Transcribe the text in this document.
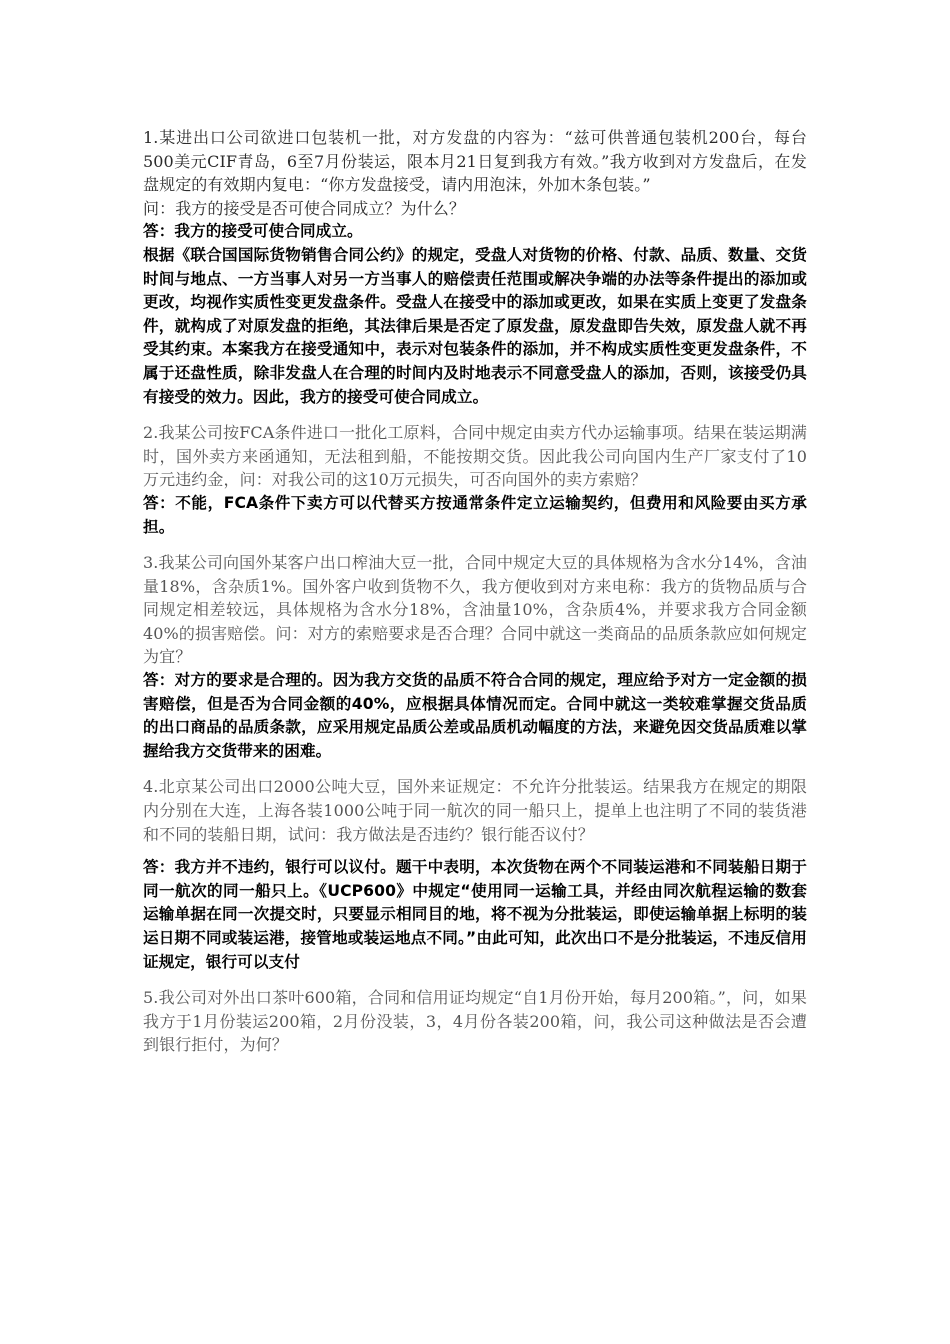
1.某进出口公司欲进口包装机一批，对方发盘的内容为：“兹可供普通包装机200台，每台500美元CIF青岛，6至7月份装运，限本月21日复到我方有效。”我方收到对方发盘后，在发盘规定的有效期内复电：“你方发盘接受，请内用泡沫，外加木条包装。”

问：我方的接受是否可使合同成立？为什么？

答：我方的接受可使合同成立。

根据《联合国国际货物销售合同公约》的规定，受盘人对货物的价格、付款、品质、数量、交货时间与地点、一方当事人对另一方当事人的赔偿责任范围或解决争端的办法等条件提出的添加或更改，均视作实质性变更发盘条件。受盘人在接受中的添加或更改，如果在实质上变更了发盘条件，就构成了对原发盘的拒绝，其法律后果是否定了原发盘，原发盘即告失效，原发盘人就不再受其约束。本案我方在接受通知中，表示对包装条件的添加，并不构成实质性变更发盘条件，不属于还盘性质，除非发盘人在合理的时间内及时地表示不同意受盘人的添加，否则，该接受仍具有接受的效力。因此，我方的接受可使合同成立。

2.我某公司按FCA条件进口一批化工原料，合同中规定由卖方代办运输事项。结果在装运期满时，国外卖方来函通知，无法租到船，不能按期交货。因此我公司向国内生产厂家支付了10万元违约金，问：对我公司的这10万元损失，可否向国外的卖方索赔？

答：不能，FCA条件下卖方可以代替买方按通常条件定立运输契约，但费用和风险要由买方承担。

3.我某公司向国外某客户出口榨油大豆一批，合同中规定大豆的具体规格为含水分14%，含油量18%，含杂质1%。国外客户收到货物不久，我方便收到对方来电称：我方的货物品质与合同规定相差较远，具体规格为含水分18%，含油量10%，含杂质4%，并要求我方合同金额40%的损害赔偿。问：对方的索赔要求是否合理？合同中就这一类商品的品质条款应如何规定为宜？

答：对方的要求是合理的。因为我方交货的品质不符合合同的规定，理应给予对方一定金额的损害赔偿，但是否为合同金额的40%，应根据具体情况而定。合同中就这一类较难掌握交货品质的出口商品的品质条款，应采用规定品质公差或品质机动幅度的方法，来避免因交货品质难以掌握给我方交货带来的困难。

4.北京某公司出口2000公吨大豆，国外来证规定：不允许分批装运。结果我方在规定的期限内分别在大连，上海各装1000公吨于同一航次的同一船只上，提单上也注明了不同的装货港和不同的装船日期，试问：我方做法是否违约？银行能否议付？

答：我方并不违约，银行可以议付。题干中表明，本次货物在两个不同装运港和不同装船日期于同一航次的同一船只上。《UCP600》中规定“使用同一运输工具，并经由同次航程运输的数套运输单据在同一次提交时，只要显示相同目的地，将不视为分批装运，即使运输单据上标明的装运日期不同或装运港，接管地或装运地点不同。”由此可知，此次出口不是分批装运，不违反信用证规定，银行可以支付

5.我公司对外出口茶叶600箱，合同和信用证均规定“自1月份开始，每月200箱。”，问，如果我方于1月份装运200箱，2月份没装，3，4月份各装200箱，问，我公司这种做法是否会遭到银行拒付，为何？
